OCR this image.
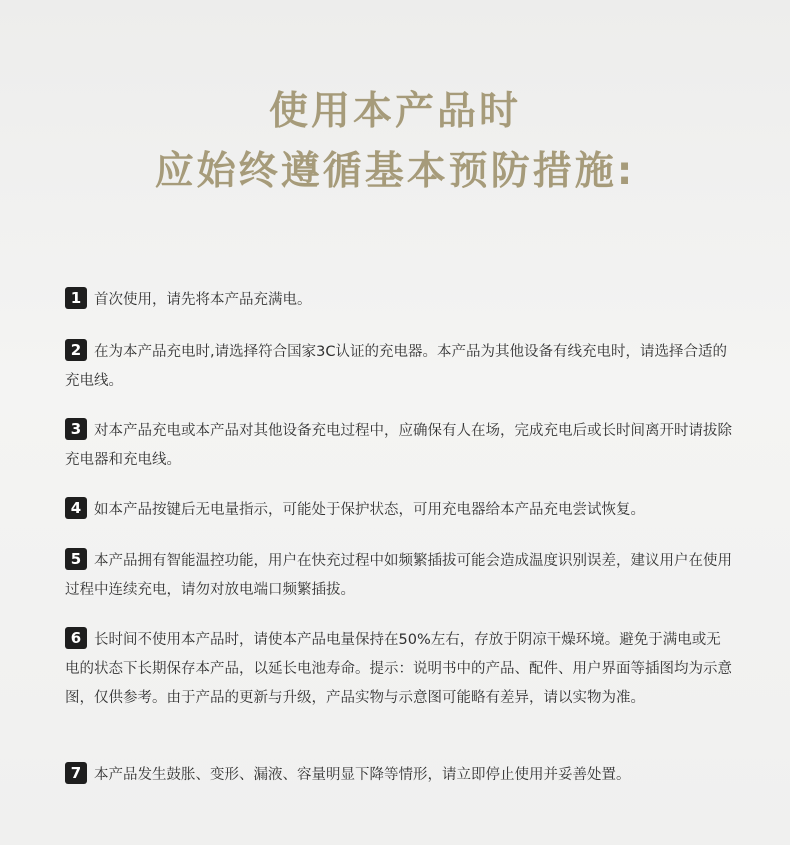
使用本产品时
应始终遵循基本预防措施:
1 首次使用，请先将本产品充满电。
2 在为本产品充电时,请选择符合国家3C认证的充电器。本产品为其他设备有线充电时，请选择合适的充电线。
3 对本产品充电或本产品对其他设备充电过程中，应确保有人在场，完成充电后或长时间离开时请拔除充电器和充电线。
4 如本产品按键后无电量指示，可能处于保护状态，可用充电器给本产品充电尝试恢复。
5 本产品拥有智能温控功能，用户在快充过程中如频繁插拔可能会造成温度识别误差，建议用户在使用过程中连续充电，请勿对放电端口频繁插拔。
6 长时间不使用本产品时，请使本产品电量保持在50%左右，存放于阴凉干燥环境。避免于满电或无电的状态下长期保存本产品，以延长电池寿命。提示：说明书中的产品、配件、用户界面等插图均为示意图，仅供参考。由于产品的更新与升级，产品实物与示意图可能略有差异，请以实物为准。
7 本产品发生鼓胀、变形、漏液、容量明显下降等情形，请立即停止使用并妥善处置。
